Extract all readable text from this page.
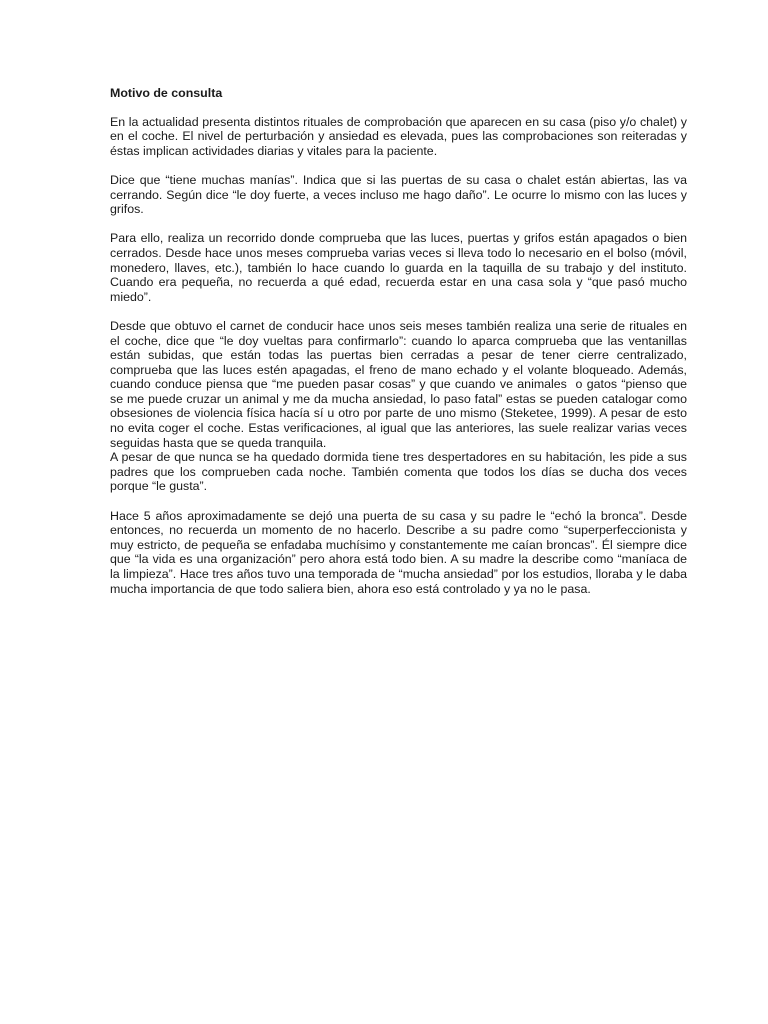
Motivo de consulta

En la actualidad presenta distintos rituales de comprobación que aparecen en su casa (piso y/o chalet) y en el coche. El nivel de perturbación y ansiedad es elevada, pues las comprobaciones son reiteradas y éstas implican actividades diarias y vitales para la paciente.

Dice que “tiene muchas manías”. Indica que si las puertas de su casa o chalet están abiertas, las va cerrando. Según dice “le doy fuerte, a veces incluso me hago daño”. Le ocurre lo mismo con las luces y grifos.

Para ello, realiza un recorrido donde comprueba que las luces, puertas y grifos están apagados o bien cerrados. Desde hace unos meses comprueba varias veces si lleva todo lo necesario en el bolso (móvil, monedero, llaves, etc.), también lo hace cuando lo guarda en la taquilla de su trabajo y del instituto. Cuando era pequeña, no recuerda a qué edad, recuerda estar en una casa sola y “que pasó mucho miedo”.

Desde que obtuvo el carnet de conducir hace unos seis meses también realiza una serie de rituales en el coche, dice que “le doy vueltas para confirmarlo”: cuando lo aparca comprueba que las ventanillas están subidas, que están todas las puertas bien cerradas a pesar de tener cierre centralizado, comprueba que las luces estén apagadas, el freno de mano echado y el volante bloqueado. Además, cuando conduce piensa que “me pueden pasar cosas” y que cuando ve animales  o gatos “pienso que se me puede cruzar un animal y me da mucha ansiedad, lo paso fatal” estas se pueden catalogar como obsesiones de violencia física hacía sí u otro por parte de uno mismo (Steketee, 1999). A pesar de esto no evita coger el coche. Estas verificaciones, al igual que las anteriores, las suele realizar varias veces seguidas hasta que se queda tranquila.

A pesar de que nunca se ha quedado dormida tiene tres despertadores en su habitación, les pide a sus padres que los comprueben cada noche. También comenta que todos los días se ducha dos veces porque “le gusta”.

Hace 5 años aproximadamente se dejó una puerta de su casa y su padre le “echó la bronca”. Desde entonces, no recuerda un momento de no hacerlo. Describe a su padre como “superperfeccionista y muy estricto, de pequeña se enfadaba muchísimo y constantemente me caían broncas”. Él siempre dice que “la vida es una organización” pero ahora está todo bien. A su madre la describe como “maníaca de la limpieza”. Hace tres años tuvo una temporada de “mucha ansiedad” por los estudios, lloraba y le daba mucha importancia de que todo saliera bien, ahora eso está controlado y ya no le pasa.
